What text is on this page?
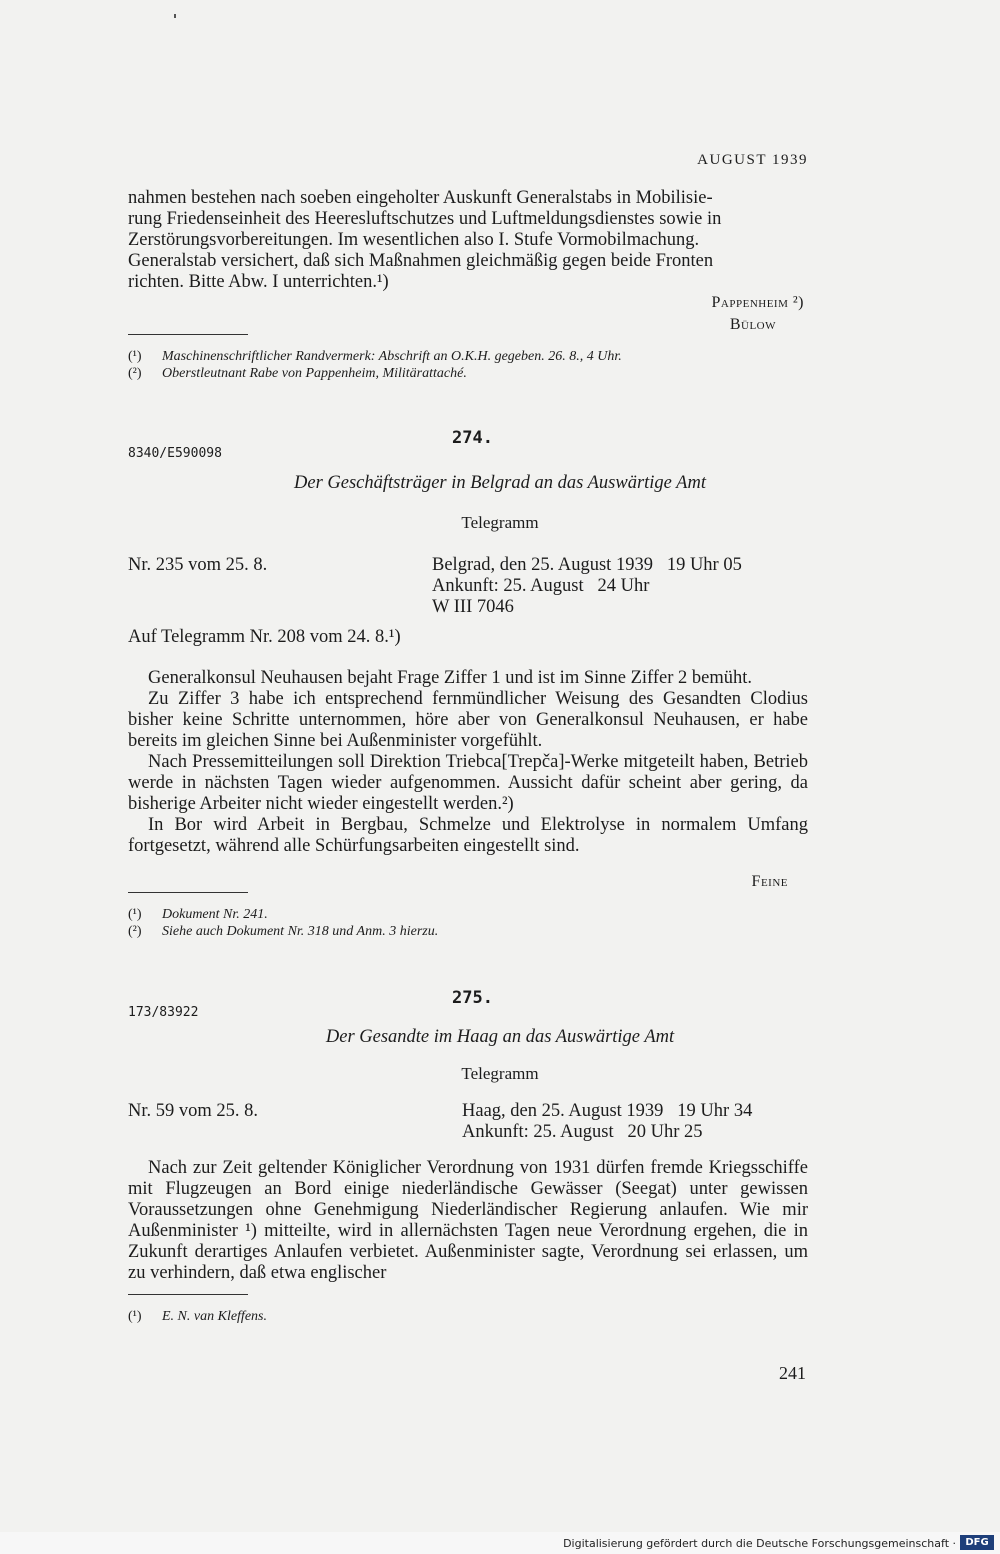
AUGUST 1939
nahmen bestehen nach soeben eingeholter Auskunft Generalstabs in Mobilisie-
rung Friedenseinheit des Heeresluftschutzes und Luftmeldungsdienstes sowie in
Zerstörungsvorbereitungen. Im wesentlichen also I. Stufe Vormobilmachung.
Generalstab versichert, daß sich Maßnahmen gleichmäßig gegen beide Fronten
richten. Bitte Abw. I unterrichten.¹)
Pappenheim ²)
Bülow
(¹) Maschinenschriftlicher Randvermerk: Abschrift an O.K.H. gegeben. 26. 8., 4 Uhr.
(²) Oberstleutnant Rabe von Pappenheim, Militärattaché.
274.
8340/E590098
Der Geschäftsträger in Belgrad an das Auswärtige Amt
Telegramm
Nr. 235 vom 25. 8.	Belgrad, den 25. August 1939   19 Uhr 05
Ankunft: 25. August   24 Uhr
W III 7046
Auf Telegramm Nr. 208 vom 24. 8.¹)

Generalkonsul Neuhausen bejaht Frage Ziffer 1 und ist im Sinne Ziffer 2 bemüht.

Zu Ziffer 3 habe ich entsprechend fernmündlicher Weisung des Gesandten Clodius bisher keine Schritte unternommen, höre aber von Generalkonsul Neuhausen, er habe bereits im gleichen Sinne bei Außenminister vorgefühlt.

Nach Pressemitteilungen soll Direktion Triebca[Trepča]-Werke mitgeteilt haben, Betrieb werde in nächsten Tagen wieder aufgenommen. Aussicht dafür scheint aber gering, da bisherige Arbeiter nicht wieder eingestellt werden.²)

In Bor wird Arbeit in Bergbau, Schmelze und Elektrolyse in normalem Umfang fortgesetzt, während alle Schürfungsarbeiten eingestellt sind.

Feine
(¹) Dokument Nr. 241.
(²) Siehe auch Dokument Nr. 318 und Anm. 3 hierzu.
275.
173/83922
Der Gesandte im Haag an das Auswärtige Amt
Telegramm
Nr. 59 vom 25. 8.	Haag, den 25. August 1939   19 Uhr 34
Ankunft: 25. August   20 Uhr 25

Nach zur Zeit geltender Königlicher Verordnung von 1931 dürfen fremde Kriegsschiffe mit Flugzeugen an Bord einige niederländische Gewässer (Seegat) unter gewissen Voraussetzungen ohne Genehmigung Niederländischer Regierung anlaufen. Wie mir Außenminister ¹) mitteilte, wird in allernächsten Tagen neue Verordnung ergehen, die in Zukunft derartiges Anlaufen verbietet. Außenminister sagte, Verordnung sei erlassen, um zu verhindern, daß etwa englischer

(¹) E. N. van Kleffens.
241
Digitalisierung gefördert durch die Deutsche Forschungsgemeinschaft · DFG
